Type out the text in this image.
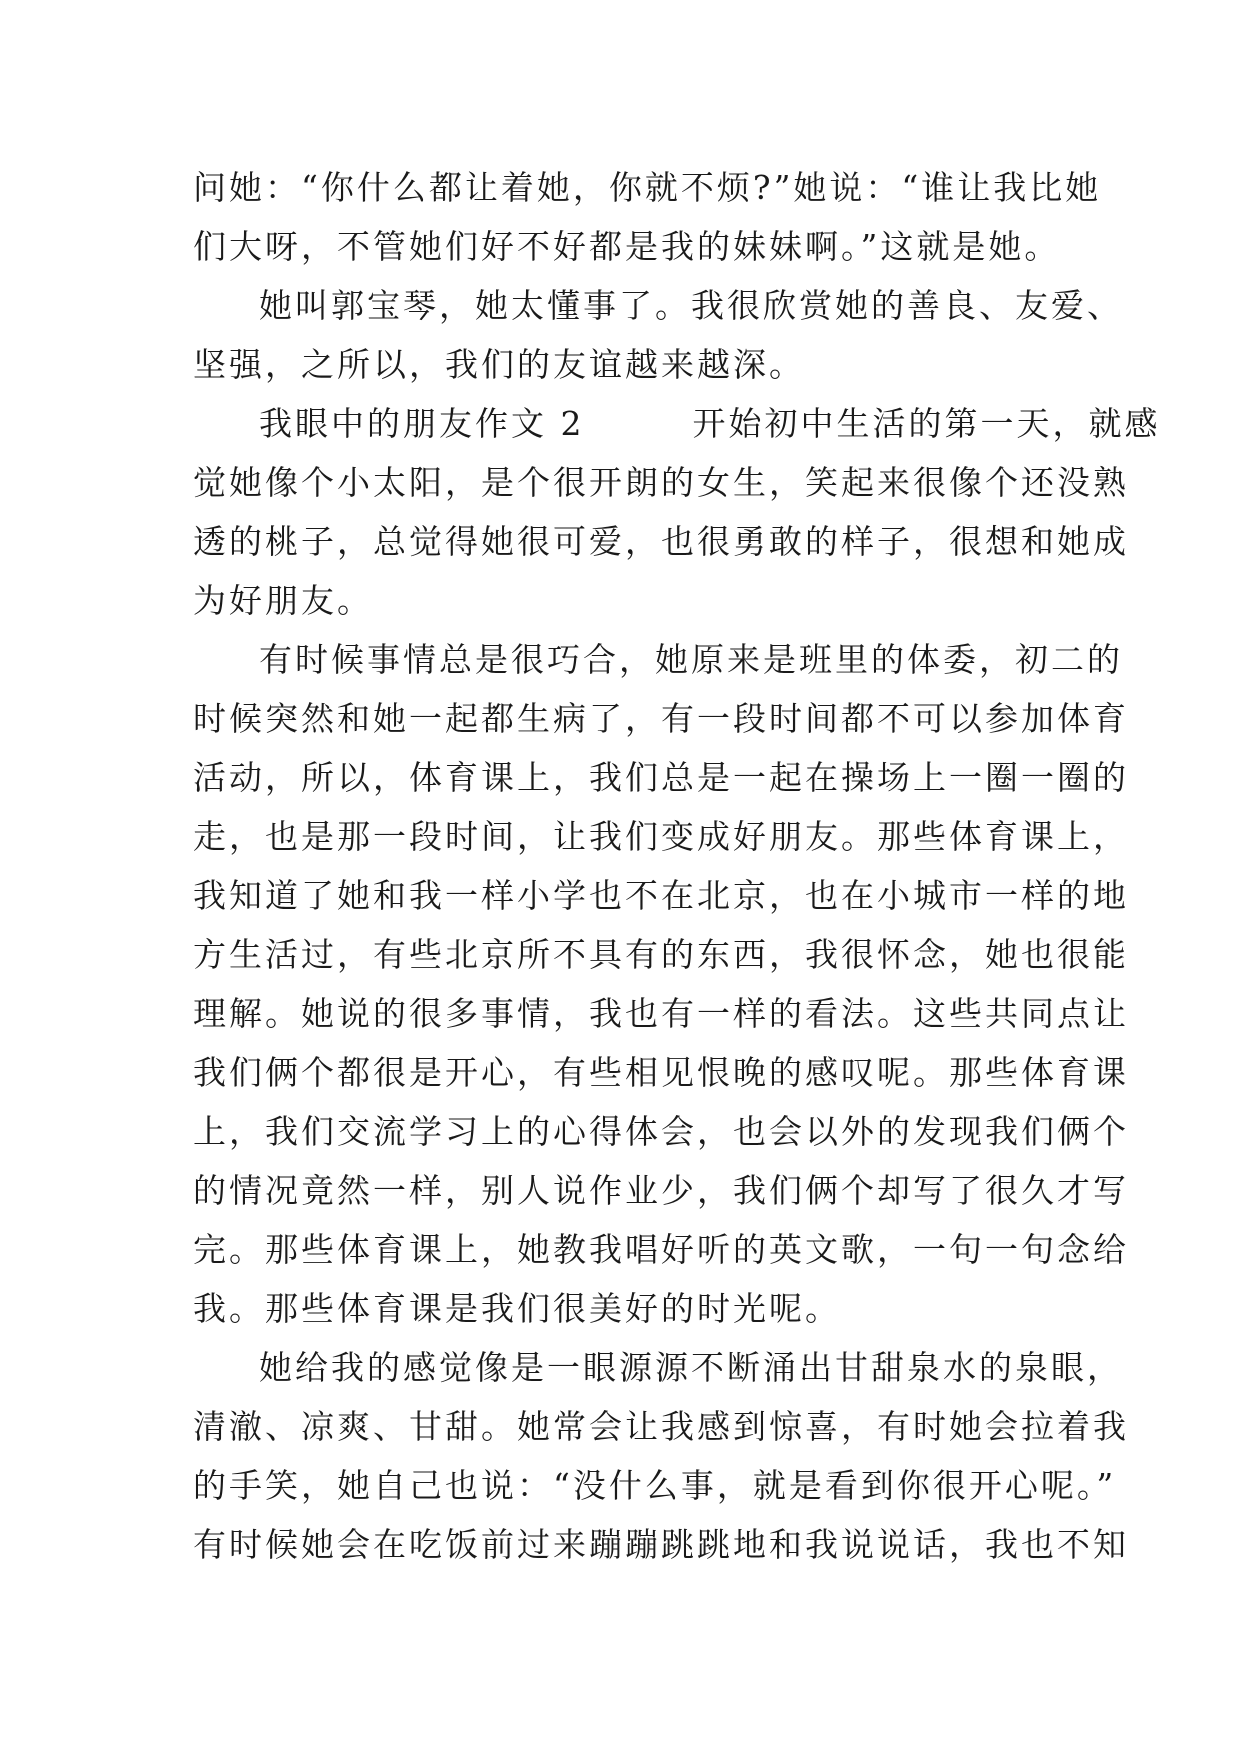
问她：“你什么都让着她，你就不烦?”她说：“谁让我比她
们大呀，不管她们好不好都是我的妹妹啊。”这就是她。
她叫郭宝琴，她太懂事了。我很欣赏她的善良、友爱、
坚强，之所以，我们的友谊越来越深。
我眼中的朋友作文 2　　　开始初中生活的第一天，就感
觉她像个小太阳，是个很开朗的女生，笑起来很像个还没熟
透的桃子，总觉得她很可爱，也很勇敢的样子，很想和她成
为好朋友。
有时候事情总是很巧合，她原来是班里的体委，初二的
时候突然和她一起都生病了，有一段时间都不可以参加体育
活动，所以，体育课上，我们总是一起在操场上一圈一圈的
走，也是那一段时间，让我们变成好朋友。那些体育课上，
我知道了她和我一样小学也不在北京，也在小城市一样的地
方生活过，有些北京所不具有的东西，我很怀念，她也很能
理解。她说的很多事情，我也有一样的看法。这些共同点让
我们俩个都很是开心，有些相见恨晚的感叹呢。那些体育课
上，我们交流学习上的心得体会，也会以外的发现我们俩个
的情况竟然一样，别人说作业少，我们俩个却写了很久才写
完。那些体育课上，她教我唱好听的英文歌，一句一句念给
我。那些体育课是我们很美好的时光呢。
她给我的感觉像是一眼源源不断涌出甘甜泉水的泉眼，
清澈、凉爽、甘甜。她常会让我感到惊喜，有时她会拉着我
的手笑，她自己也说：“没什么事，就是看到你很开心呢。”
有时候她会在吃饭前过来蹦蹦跳跳地和我说说话，我也不知
